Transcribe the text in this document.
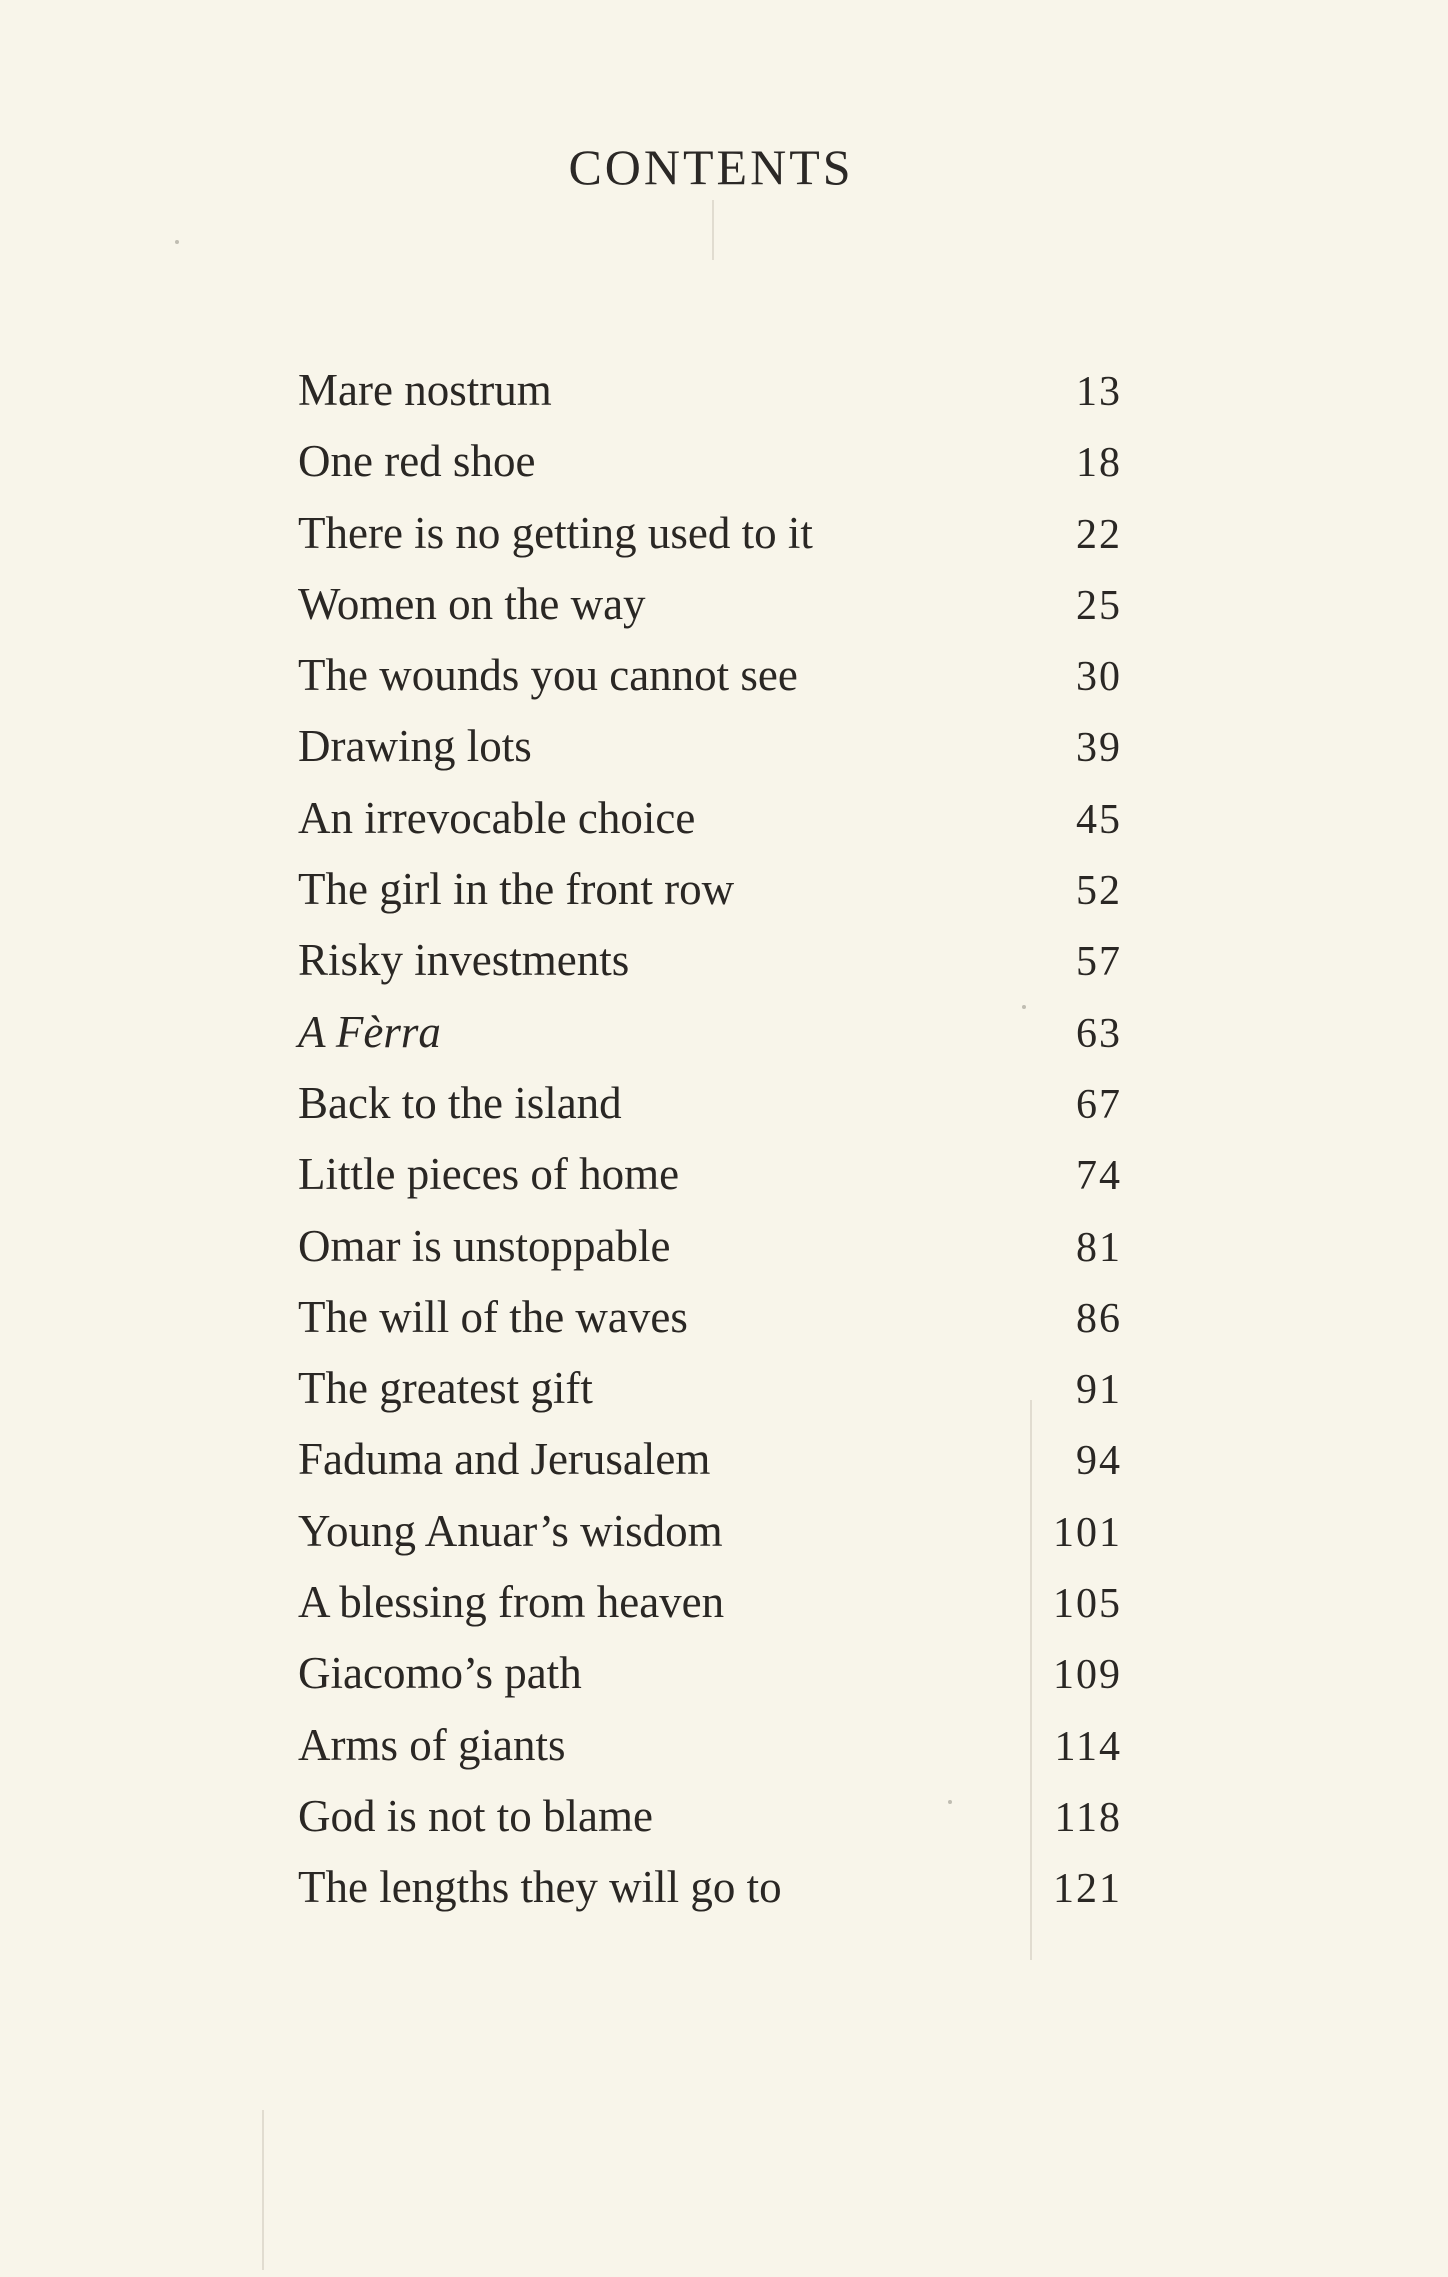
CONTENTS
Mare nostrum	13
One red shoe	18
There is no getting used to it	22
Women on the way	25
The wounds you cannot see	30
Drawing lots	39
An irrevocable choice	45
The girl in the front row	52
Risky investments	57
A Fèrra	63
Back to the island	67
Little pieces of home	74
Omar is unstoppable	81
The will of the waves	86
The greatest gift	91
Faduma and Jerusalem	94
Young Anuar’s wisdom	101
A blessing from heaven	105
Giacomo’s path	109
Arms of giants	114
God is not to blame	118
The lengths they will go to	121
